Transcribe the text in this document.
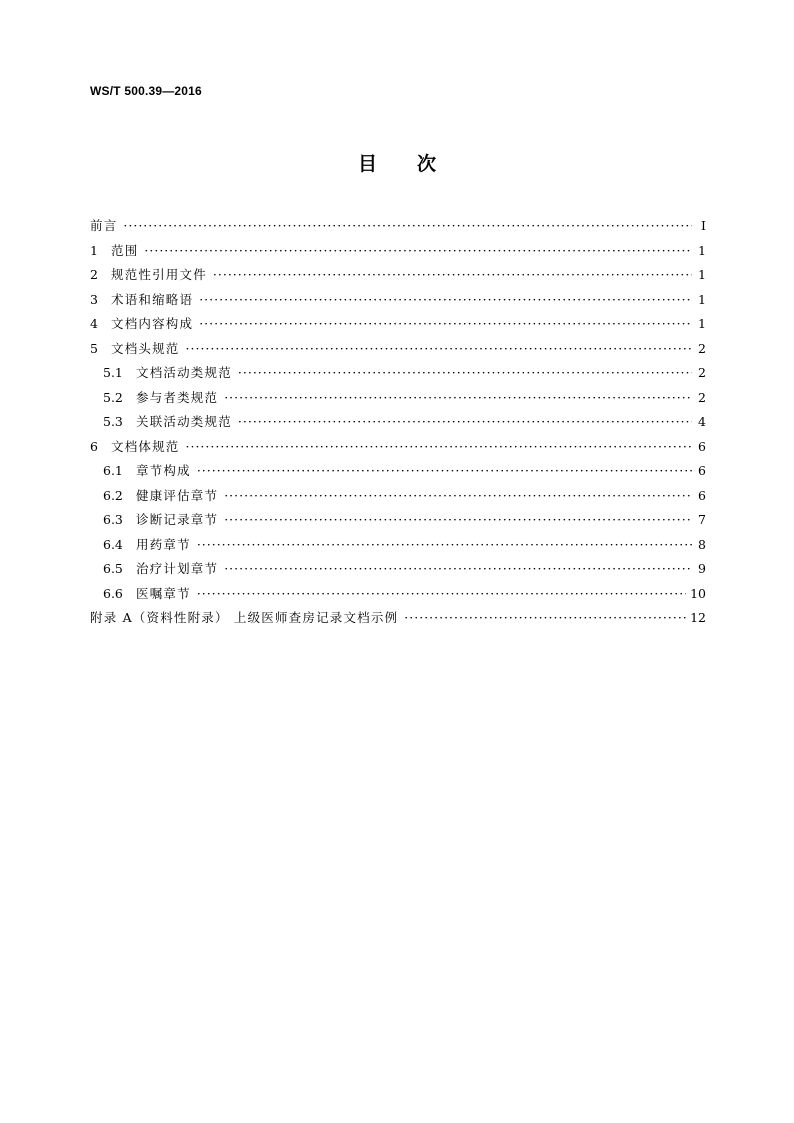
WS/T 500.39—2016
目 次
前言 ·····	I
1	范围 ·····	1
2	规范性引用文件 ·····	1
3	术语和缩略语 ·····	1
4	文档内容构成 ·····	1
5	文档头规范 ·····	2
5.1	文档活动类规范 ·····	2
5.2	参与者类规范 ·····	2
5.3	关联活动类规范 ·····	4
6	文档体规范 ·····	6
6.1	章节构成 ·····	6
6.2	健康评估章节 ·····	6
6.3	诊断记录章节 ·····	7
6.4	用药章节 ·····	8
6.5	治疗计划章节 ·····	9
6.6	医嘱章节 ·····	10
附录 A（资料性附录） 上级医师查房记录文档示例 ·····	12
